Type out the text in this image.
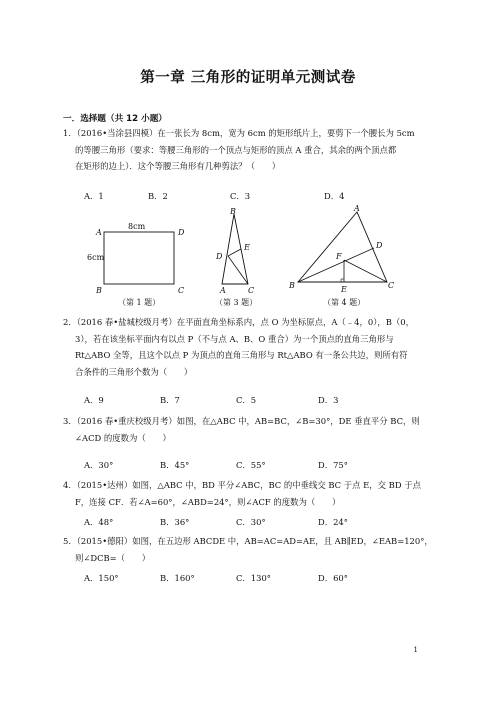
第一章 三角形的证明单元测试卷
一．选择题（共 12 小题）
1．（2016•当涂县四模）在一张长为 8cm，宽为 6cm 的矩形纸片上，要剪下一个腰长为 5cm
的等腰三角形（要求：等腰三角形的一个顶点与矩形的顶点 A 重合，其余的两个顶点都
在矩形的边上）．这个等腰三角形有几种剪法？（　　）
A．1	B．2	C．3	D．4
A	D
B	C
8cm
6cm
B
E
D
A	C
A
D
F
B	E	C
（第 1 题）	（第 3 题）	（第 4 题）
2．（2016 春•盐城校级月考）在平面直角坐标系内，点 O 为坐标原点，A（﹣4，0），B（0，
3），若在该坐标平面内有以点 P（不与点 A、B、O 重合）为一个顶点的直角三角形与
Rt△ABO 全等，且这个以点 P 为顶点的直角三角形与 Rt△ABO 有一条公共边，则所有符
合条件的三角形个数为（　　）
A．9	B．7	C．5	D．3
3．（2016 春•重庆校级月考）如图，在△ABC 中，AB=BC，∠B=30°，DE 垂直平分 BC，则
∠ACD 的度数为（　　）
A．30°	B．45°	C．55°	D．75°
4．（2015•达州）如图，△ABC 中，BD 平分∠ABC，BC 的中垂线交 BC 于点 E，交 BD 于点
F，连接 CF．若∠A=60°，∠ABD=24°，则∠ACF 的度数为（　　）
A．48°	B．36°	C．30°	D．24°
5．（2015•德阳）如图，在五边形 ABCDE 中，AB=AC=AD=AE，且 AB∥ED，∠EAB=120°，
则∠DCB=（　　）
A．150°	B．160°	C．130°	D．60°
1
